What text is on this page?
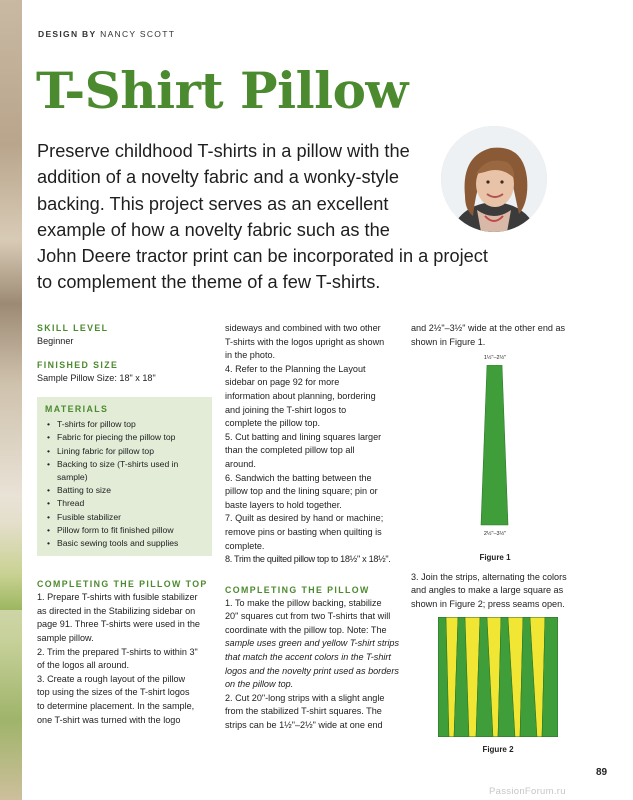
DESIGN BY NANCY SCOTT
T-Shirt Pillow
Preserve childhood T-shirts in a pillow with the
addition of a novelty fabric and a wonky-style
backing. This project serves as an excellent
example of how a novelty fabric such as the
John Deere tractor print can be incorporated in a project
to complement the theme of a few T-shirts.
SKILL LEVEL
Beginner
FINISHED SIZE
Sample Pillow Size: 18" x 18"
MATERIALS
• T-shirts for pillow top
• Fabric for piecing the pillow top
• Lining fabric for pillow top
• Backing to size (T-shirts used in
sample)
• Batting to size
• Thread
• Fusible stabilizer
• Pillow form to fit finished pillow
• Basic sewing tools and supplies
COMPLETING THE PILLOW TOP
1. Prepare T-shirts with fusible stabilizer
as directed in the Stabilizing sidebar on
page 91. Three T-shirts were used in the
sample pillow.
2. Trim the prepared T-shirts to within 3"
of the logos all around.
3. Create a rough layout of the pillow
top using the sizes of the T-shirt logos
to determine placement. In the sample,
one T-shirt was turned with the logo
sideways and combined with two other
T-shirts with the logos upright as shown
in the photo.
4. Refer to the Planning the Layout
sidebar on page 92 for more
information about planning, bordering
and joining the T-shirt logos to
complete the pillow top.
5. Cut batting and lining squares larger
than the completed pillow top all
around.
6. Sandwich the batting between the
pillow top and the lining square; pin or
baste layers to hold together.
7. Quilt as desired by hand or machine;
remove pins or basting when quilting is
complete.
8. Trim the quilted pillow top to 18½" x 18½".
COMPLETING THE PILLOW
1. To make the pillow backing, stabilize
20" squares cut from two T-shirts that will
coordinate with the pillow top. Note: The
sample uses green and yellow T-shirt strips
that match the accent colors in the T-shirt
logos and the novelty print used as borders
on the pillow top.
2. Cut 20"-long strips with a slight angle
from the stabilized T-shirt squares. The
strips can be 1½"–2½" wide at one end
and 2½"–3½" wide at the other end as
shown in Figure 1.
1½"–2½"
2½"–3½"
Figure 1
3. Join the strips, alternating the colors
and angles to make a large square as
shown in Figure 2; press seams open.
Figure 2
89
PassionForum.ru
